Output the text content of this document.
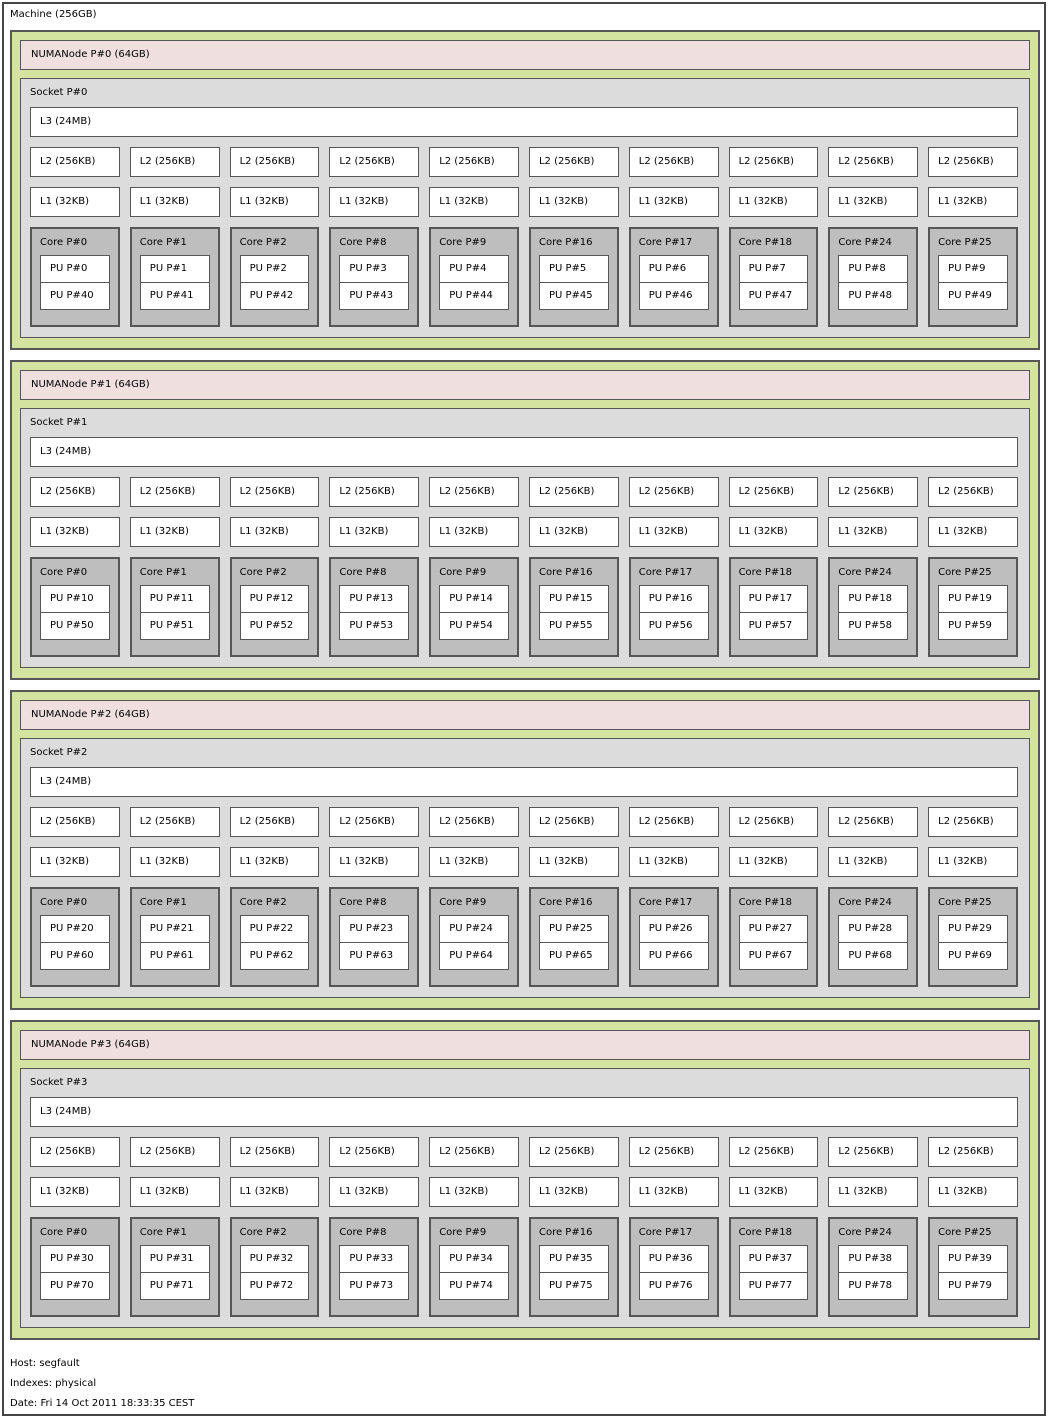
Machine (256GB)
NUMANode P#0 (64GB)
Socket P#0
L3 (24MB)
L2 (256KB)	L2 (256KB)	L2 (256KB)	L2 (256KB)	L2 (256KB)	L2 (256KB)	L2 (256KB)	L2 (256KB)	L2 (256KB)	L2 (256KB)
L1 (32KB)	L1 (32KB)	L1 (32KB)	L1 (32KB)	L1 (32KB)	L1 (32KB)	L1 (32KB)	L1 (32KB)	L1 (32KB)	L1 (32KB)
Core P#0
PU P#0
PU P#40
Core P#1
PU P#1
PU P#41
Core P#2
PU P#2
PU P#42
Core P#8
PU P#3
PU P#43
Core P#9
PU P#4
PU P#44
Core P#16
PU P#5
PU P#45
Core P#17
PU P#6
PU P#46
Core P#18
PU P#7
PU P#47
Core P#24
PU P#8
PU P#48
Core P#25
PU P#9
PU P#49
NUMANode P#1 (64GB)
Socket P#1
L3 (24MB)
L2 (256KB)	L2 (256KB)	L2 (256KB)	L2 (256KB)	L2 (256KB)	L2 (256KB)	L2 (256KB)	L2 (256KB)	L2 (256KB)	L2 (256KB)
L1 (32KB)	L1 (32KB)	L1 (32KB)	L1 (32KB)	L1 (32KB)	L1 (32KB)	L1 (32KB)	L1 (32KB)	L1 (32KB)	L1 (32KB)
Core P#0
PU P#10
PU P#50
Core P#1
PU P#11
PU P#51
Core P#2
PU P#12
PU P#52
Core P#8
PU P#13
PU P#53
Core P#9
PU P#14
PU P#54
Core P#16
PU P#15
PU P#55
Core P#17
PU P#16
PU P#56
Core P#18
PU P#17
PU P#57
Core P#24
PU P#18
PU P#58
Core P#25
PU P#19
PU P#59
NUMANode P#2 (64GB)
Socket P#2
L3 (24MB)
L2 (256KB)	L2 (256KB)	L2 (256KB)	L2 (256KB)	L2 (256KB)	L2 (256KB)	L2 (256KB)	L2 (256KB)	L2 (256KB)	L2 (256KB)
L1 (32KB)	L1 (32KB)	L1 (32KB)	L1 (32KB)	L1 (32KB)	L1 (32KB)	L1 (32KB)	L1 (32KB)	L1 (32KB)	L1 (32KB)
Core P#0
PU P#20
PU P#60
Core P#1
PU P#21
PU P#61
Core P#2
PU P#22
PU P#62
Core P#8
PU P#23
PU P#63
Core P#9
PU P#24
PU P#64
Core P#16
PU P#25
PU P#65
Core P#17
PU P#26
PU P#66
Core P#18
PU P#27
PU P#67
Core P#24
PU P#28
PU P#68
Core P#25
PU P#29
PU P#69
NUMANode P#3 (64GB)
Socket P#3
L3 (24MB)
L2 (256KB)	L2 (256KB)	L2 (256KB)	L2 (256KB)	L2 (256KB)	L2 (256KB)	L2 (256KB)	L2 (256KB)	L2 (256KB)	L2 (256KB)
L1 (32KB)	L1 (32KB)	L1 (32KB)	L1 (32KB)	L1 (32KB)	L1 (32KB)	L1 (32KB)	L1 (32KB)	L1 (32KB)	L1 (32KB)
Core P#0
PU P#30
PU P#70
Core P#1
PU P#31
PU P#71
Core P#2
PU P#32
PU P#72
Core P#8
PU P#33
PU P#73
Core P#9
PU P#34
PU P#74
Core P#16
PU P#35
PU P#75
Core P#17
PU P#36
PU P#76
Core P#18
PU P#37
PU P#77
Core P#24
PU P#38
PU P#78
Core P#25
PU P#39
PU P#79
Host: segfault
Indexes: physical
Date: Fri 14 Oct 2011 18:33:35 CEST
